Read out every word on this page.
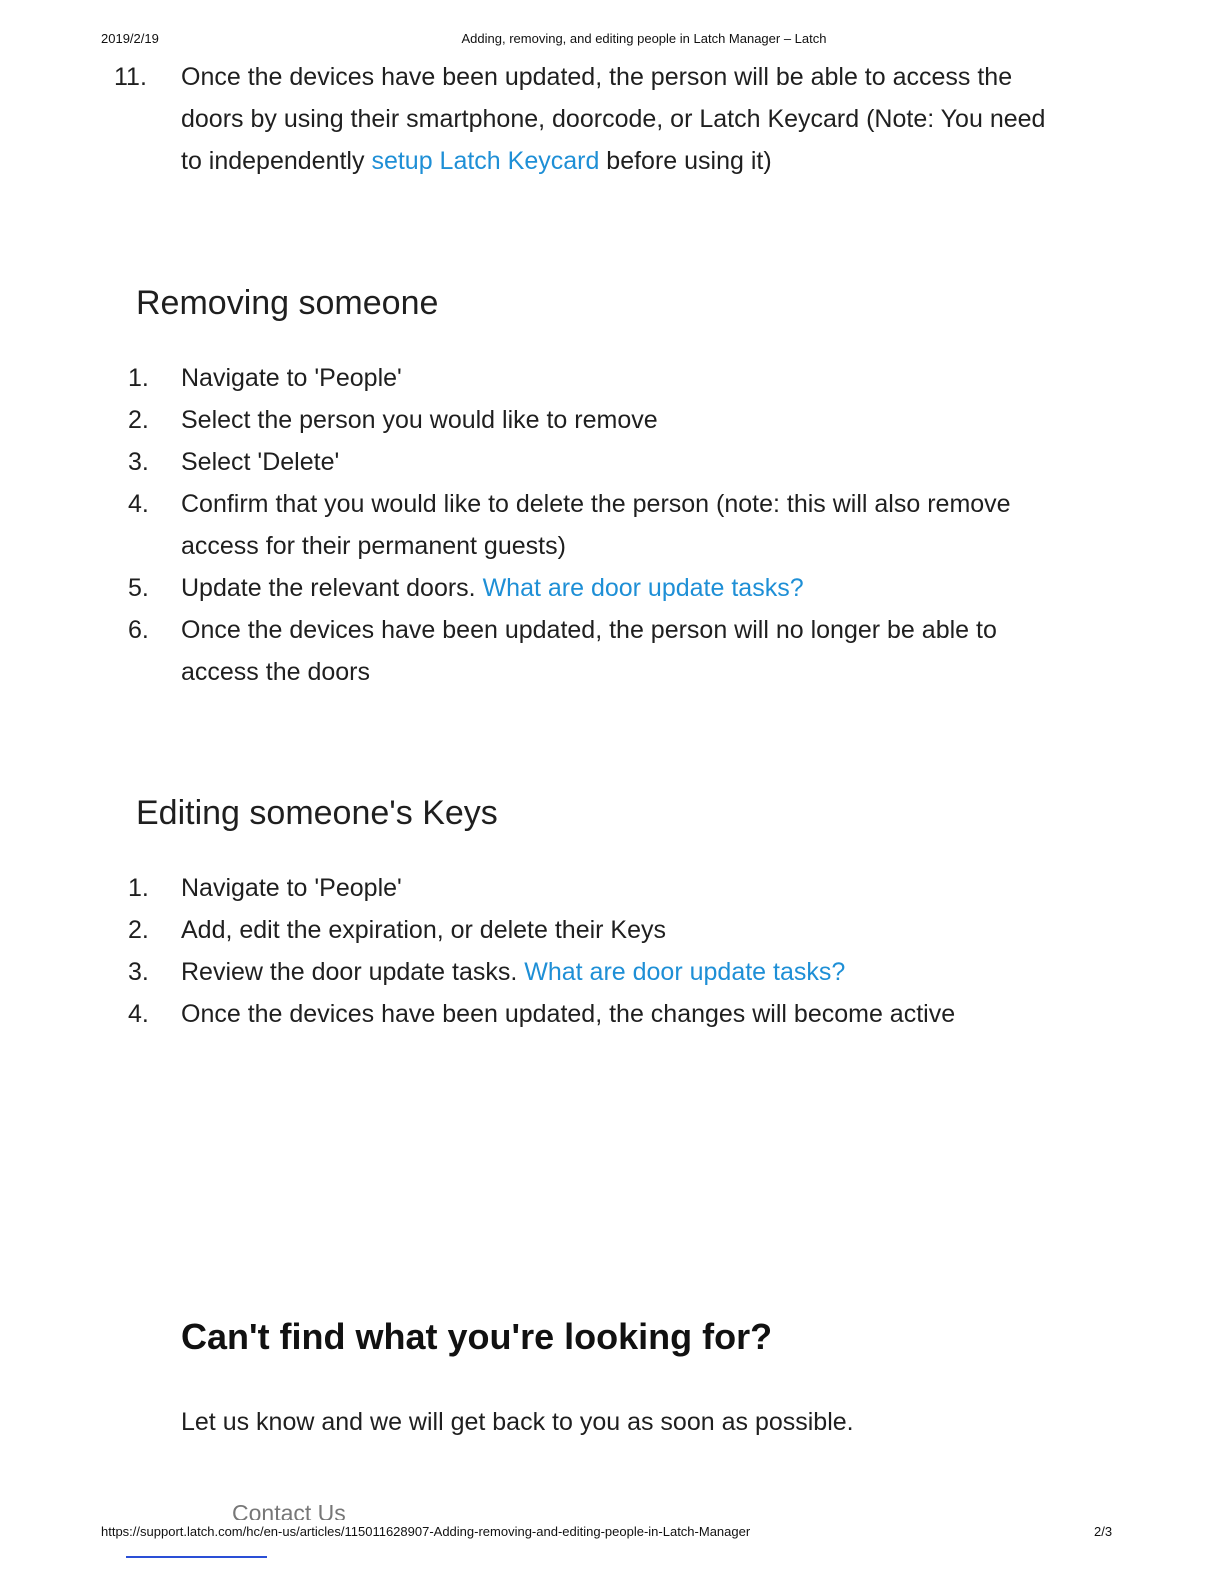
2019/2/19	Adding, removing, and editing people in Latch Manager – Latch
11. Once the devices have been updated, the person will be able to access the doors by using their smartphone, doorcode, or Latch Keycard (Note: You need to independently setup Latch Keycard before using it)
Removing someone
1. Navigate to 'People'
2. Select the person you would like to remove
3. Select 'Delete'
4. Confirm that you would like to delete the person (note: this will also remove access for their permanent guests)
5. Update the relevant doors. What are door update tasks?
6. Once the devices have been updated, the person will no longer be able to access the doors
Editing someone's Keys
1. Navigate to 'People'
2. Add, edit the expiration, or delete their Keys
3. Review the door update tasks. What are door update tasks?
4. Once the devices have been updated, the changes will become active
Can't find what you're looking for?

Let us know and we will get back to you as soon as possible.

Contact Us
https://support.latch.com/hc/en-us/articles/115011628907-Adding-removing-and-editing-people-in-Latch-Manager	2/3
